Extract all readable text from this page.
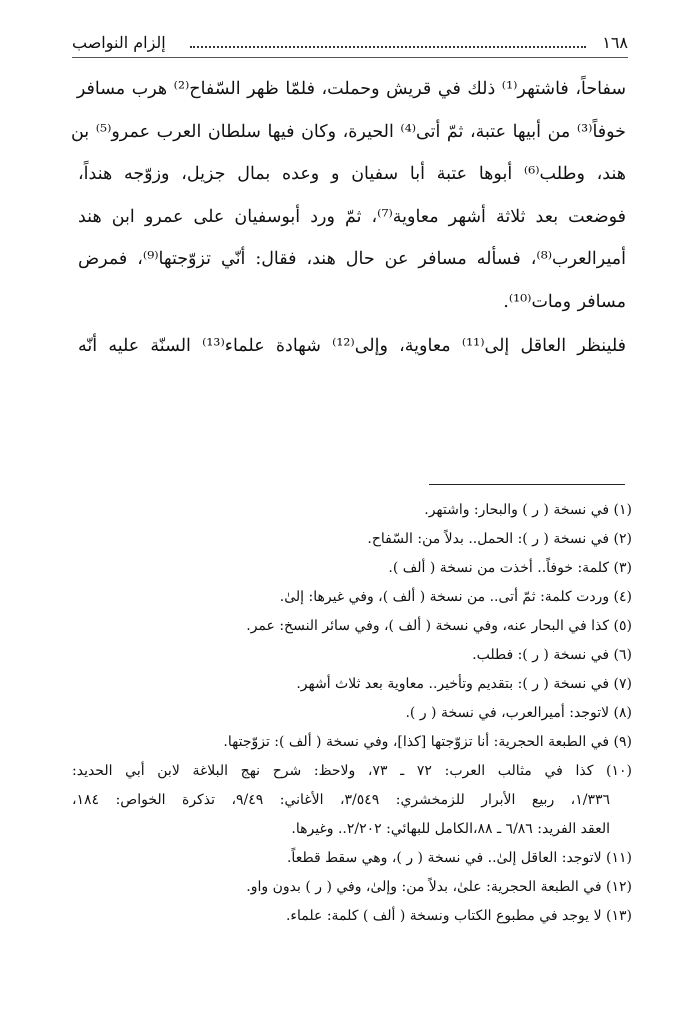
١٦٨
إلزام النواصب
سفاحاً، فاشتهر⁽¹⁾ ذلك في قريش وحملت، فلمّا ظهر السّفاح⁽²⁾ هرب مسافر
خوفاً⁽³⁾ من أبيها عتبة، ثمّ أتى⁽⁴⁾ الحيرة، وكان فيها سلطان العرب عمرو⁽⁵⁾ بن
هند، وطلب⁽⁶⁾ أبوها عتبة أبا سفيان و وعده بمال جزيل، وزوّجه هنداً،
فوضعت بعد ثلاثة أشهر معاوية⁽⁷⁾، ثمّ ورد أبوسفيان على عمرو ابن هند
أميرالعرب⁽⁸⁾، فسأله مسافر عن حال هند، فقال: أنّي تزوّجتها⁽⁹⁾، فمرض
مسافر ومات⁽¹⁰⁾.
فلينظر العاقل إلى⁽¹¹⁾ معاوية، وإلى⁽¹²⁾ شهادة علماء⁽¹³⁾ السنّة عليه أنّه
(١) في نسخة ( ر ) والبحار: واشتهر.
(٢) في نسخة ( ر ): الحمل.. بدلاً من: السّفاح.
(٣) كلمة: خوفاً.. أخذت من نسخة ( ألف ).
(٤) وردت كلمة: ثمّ أتى.. من نسخة ( ألف )، وفي غيرها: إلىٰ.
(٥) كذا في البحار عنه، وفي نسخة ( ألف )، وفي سائر النسخ: عمر.
(٦) في نسخة ( ر ): فطلب.
(٧) في نسخة ( ر ): بتقديم وتأخير.. معاوية بعد ثلاث أشهر.
(٨) لاتوجد: أميرالعرب، في نسخة ( ر ).
(٩) في الطبعة الحجرية: أنا تزوّجتها [كذا]، وفي نسخة ( ألف ): تزوّجتها.
(١٠) كذا في مثالب العرب: ٧٢ ـ ٧٣، ولاحظ: شرح نهج البلاغة لابن أبي الحديد:
١/٣٣٦، ربيع الأبرار للزمخشري: ٣/٥٤٩، الأغاني: ٩/٤٩، تذكرة الخواص: ١٨٤،
العقد الفريد: ٦/٨٦ ـ ٨٨،الكامل للبهائي: ٢/٢٠٢.. وغيرها.
(١١) لاتوجد: العاقل إلىٰ.. في نسخة ( ر )، وهي سقط قطعاً.
(١٢) في الطبعة الحجرية: علىٰ، بدلاً من: وإلىٰ، وفي ( ر ) بدون واو.
(١٣) لا يوجد في مطبوع الكتاب ونسخة ( ألف ) كلمة: علماء.
